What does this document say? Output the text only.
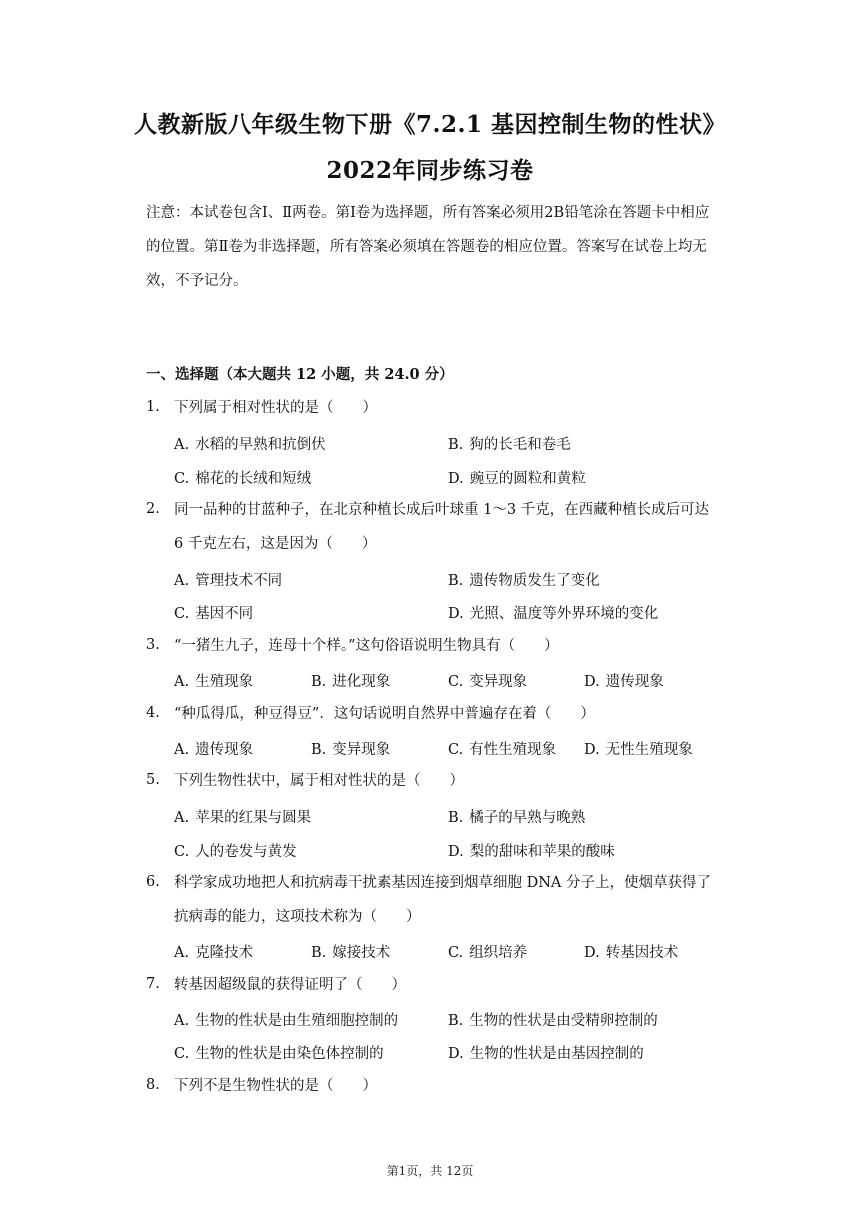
人教新版八年级生物下册《7.2.1 基因控制生物的性状》
2022年同步练习卷
注意：本试卷包含Ⅰ、Ⅱ两卷。第Ⅰ卷为选择题，所有答案必须用2B铅笔涂在答题卡中相应的位置。第Ⅱ卷为非选择题，所有答案必须填在答题卷的相应位置。答案写在试卷上均无效，不予记分。
一、选择题（本大题共 12 小题，共 24.0 分）
1. 下列属于相对性状的是（　　）
A. 水稻的早熟和抗倒伏	B. 狗的长毛和卷毛
C. 棉花的长绒和短绒	D. 豌豆的圆粒和黄粒
2. 同一品种的甘蓝种子，在北京种植长成后叶球重 1～3 千克，在西藏种植长成后可达 6 千克左右，这是因为（　　）
A. 管理技术不同	B. 遗传物质发生了变化
C. 基因不同	D. 光照、温度等外界环境的变化
3. “一猪生九子，连母十个样。”这句俗语说明生物具有（　　）
A. 生殖现象	B. 进化现象	C. 变异现象	D. 遗传现象
4. “种瓜得瓜，种豆得豆”．这句话说明自然界中普遍存在着（　　）
A. 遗传现象	B. 变异现象	C. 有性生殖现象 D. 无性生殖现象
5. 下列生物性状中，属于相对性状的是（　　）
A. 苹果的红果与圆果	B. 橘子的早熟与晚熟
C. 人的卷发与黄发	D. 梨的甜味和苹果的酸味
6. 科学家成功地把人和抗病毒干扰素基因连接到烟草细胞 DNA 分子上，使烟草获得了抗病毒的能力，这项技术称为（　　）
A. 克隆技术	B. 嫁接技术	C. 组织培养	D. 转基因技术
7. 转基因超级鼠的获得证明了（　　）
A. 生物的性状是由生殖细胞控制的	B. 生物的性状是由受精卵控制的
C. 生物的性状是由染色体控制的	D. 生物的性状是由基因控制的
8. 下列不是生物性状的是（　　）
第1页，共 12页
